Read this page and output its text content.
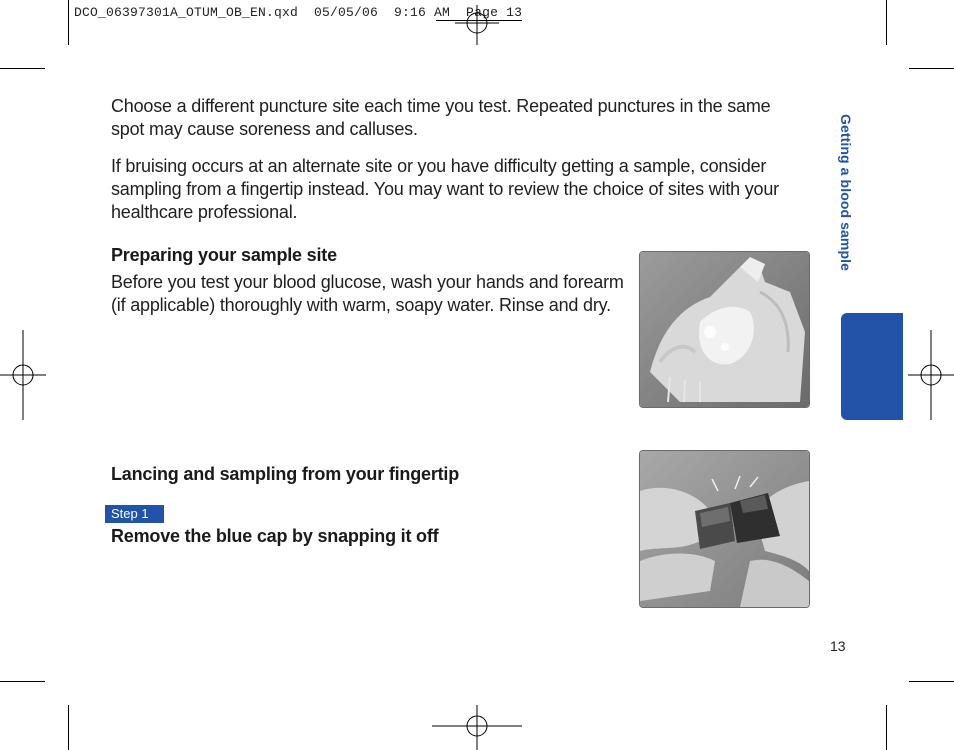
DCO_06397301A_OTUM_OB_EN.qxd  05/05/06  9:16 AM  Page 13

Choose a different puncture site each time you test. Repeated punctures in the same spot may cause soreness and calluses.

If bruising occurs at an alternate site or you have difficulty getting a sample, consider sampling from a fingertip instead. You may want to review the choice of sites with your healthcare professional.

Preparing your sample site

Before you test your blood glucose, wash your hands and forearm (if applicable) thoroughly with warm, soapy water. Rinse and dry.

Lancing and sampling from your fingertip
Step 1
Remove the blue cap by snapping it off
Getting a blood sample
13
